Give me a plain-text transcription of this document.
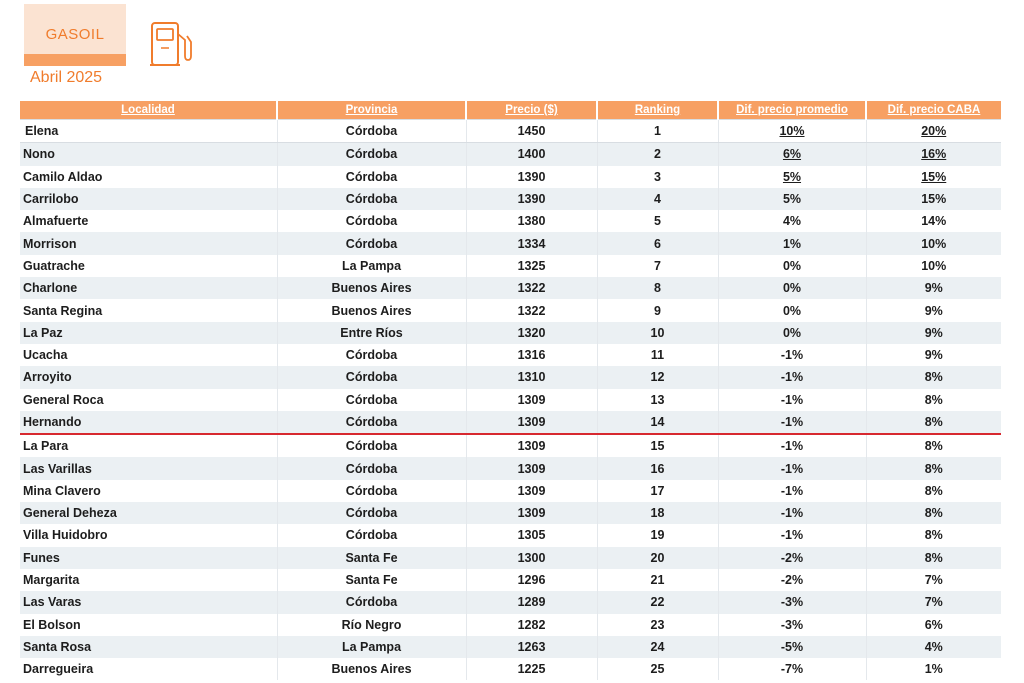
GASOIL
Abril 2025
Localidad	Provincia	Precio ($)	Ranking	Dif. precio promedio	Dif. precio CABA
Elena	Córdoba	1450	1	10%	20%
Nono	Córdoba	1400	2	6%	16%
Camilo Aldao	Córdoba	1390	3	5%	15%
Carrilobo	Córdoba	1390	4	5%	15%
Almafuerte	Córdoba	1380	5	4%	14%
Morrison	Córdoba	1334	6	1%	10%
Guatrache	La Pampa	1325	7	0%	10%
Charlone	Buenos Aires	1322	8	0%	9%
Santa Regina	Buenos Aires	1322	9	0%	9%
La Paz	Entre Ríos	1320	10	0%	9%
Ucacha	Córdoba	1316	11	-1%	9%
Arroyito	Córdoba	1310	12	-1%	8%
General Roca	Córdoba	1309	13	-1%	8%
Hernando	Córdoba	1309	14	-1%	8%
La Para	Córdoba	1309	15	-1%	8%
Las Varillas	Córdoba	1309	16	-1%	8%
Mina Clavero	Córdoba	1309	17	-1%	8%
General Deheza	Córdoba	1309	18	-1%	8%
Villa Huidobro	Córdoba	1305	19	-1%	8%
Funes	Santa Fe	1300	20	-2%	8%
Margarita	Santa Fe	1296	21	-2%	7%
Las Varas	Córdoba	1289	22	-3%	7%
El Bolson	Río Negro	1282	23	-3%	6%
Santa Rosa	La Pampa	1263	24	-5%	4%
Darregueira	Buenos Aires	1225	25	-7%	1%
